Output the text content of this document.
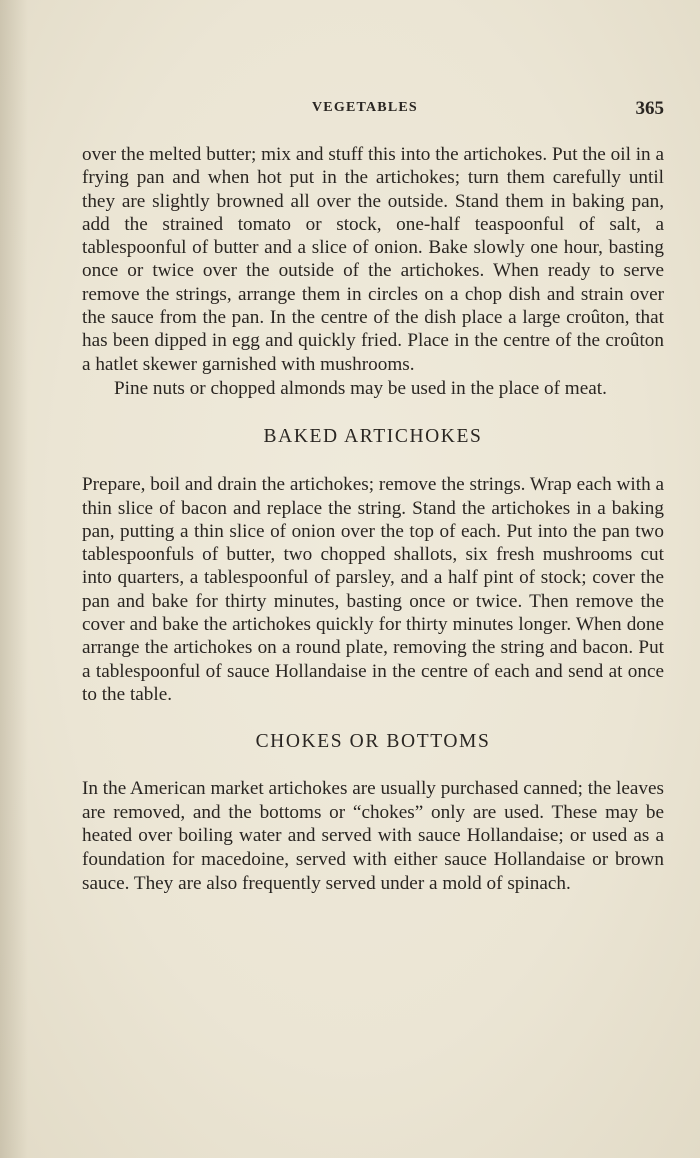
VEGETABLES	365

over the melted butter; mix and stuff this into the artichokes. Put the oil in a frying pan and when hot put in the artichokes; turn them carefully until they are slightly browned all over the outside. Stand them in baking pan, add the strained tomato or stock, one-half teaspoonful of salt, a tablespoonful of butter and a slice of onion. Bake slowly one hour, basting once or twice over the outside of the artichokes. When ready to serve remove the strings, arrange them in circles on a chop dish and strain over the sauce from the pan. In the centre of the dish place a large croûton, that has been dipped in egg and quickly fried. Place in the centre of the croûton a hatlet skewer garnished with mushrooms.

Pine nuts or chopped almonds may be used in the place of meat.

BAKED ARTICHOKES

Prepare, boil and drain the artichokes; remove the strings. Wrap each with a thin slice of bacon and replace the string. Stand the artichokes in a baking pan, putting a thin slice of onion over the top of each. Put into the pan two tablespoonfuls of butter, two chopped shallots, six fresh mushrooms cut into quarters, a tablespoonful of parsley, and a half pint of stock; cover the pan and bake for thirty minutes, basting once or twice. Then remove the cover and bake the artichokes quickly for thirty minutes longer. When done arrange the artichokes on a round plate, removing the string and bacon. Put a tablespoonful of sauce Hollandaise in the centre of each and send at once to the table.

CHOKES OR BOTTOMS

In the American market artichokes are usually purchased canned; the leaves are removed, and the bottoms or “chokes” only are used. These may be heated over boiling water and served with sauce Hollandaise; or used as a foundation for macedoine, served with either sauce Hollandaise or brown sauce. They are also frequently served under a mold of spinach.
